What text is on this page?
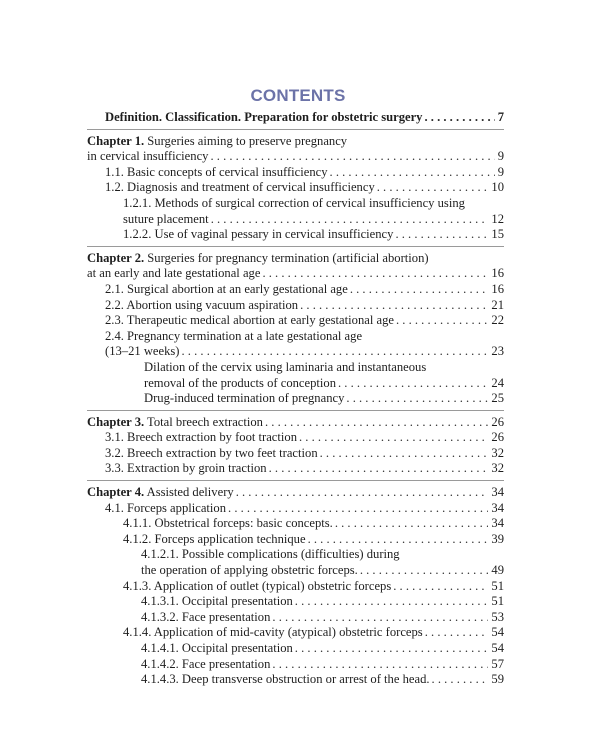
CONTENTS
Definition. Classification. Preparation for obstetric surgery . . .	7
Chapter 1. Surgeries aiming to preserve pregnancy
in cervical insufficiency . . .	9
1.1. Basic concepts of cervical insufficiency . . .	9
1.2. Diagnosis and treatment of cervical insufficiency . . .	10
1.2.1. Methods of surgical correction of cervical insufficiency using
suture placement . . .	12
1.2.2. Use of vaginal pessary in cervical insufficiency . . .	15
Chapter 2. Surgeries for pregnancy termination (artificial abortion)
at an early and late gestational age . . .	16
2.1. Surgical abortion at an early gestational age . . .	16
2.2. Abortion using vacuum aspiration . . .	21
2.3. Therapeutic medical abortion at early gestational age . . .	22
2.4. Pregnancy termination at a late gestational age
(13–21 weeks) . . .	23
Dilation of the cervix using laminaria and instantaneous
removal of the products of conception . . .	24
Drug-induced termination of pregnancy . . .	25
Chapter 3. Total breech extraction . . .	26
3.1. Breech extraction by foot traction . . .	26
3.2. Breech extraction by two feet traction . . .	32
3.3. Extraction by groin traction . . .	32
Chapter 4. Assisted delivery . . .	34
4.1. Forceps application . . .	34
4.1.1. Obstetrical forceps: basic concepts. . . .	34
4.1.2. Forceps application technique . . .	39
4.1.2.1. Possible complications (difficulties) during
the operation of applying obstetric forceps. . . .	49
4.1.3. Application of outlet (typical) obstetric forceps . . .	51
4.1.3.1. Occipital presentation . . .	51
4.1.3.2. Face presentation . . .	53
4.1.4. Application of mid-cavity (atypical) obstetric forceps . . .	54
4.1.4.1. Occipital presentation . . .	54
4.1.4.2. Face presentation . . .	57
4.1.4.3. Deep transverse obstruction or arrest of the head. . . .	59
